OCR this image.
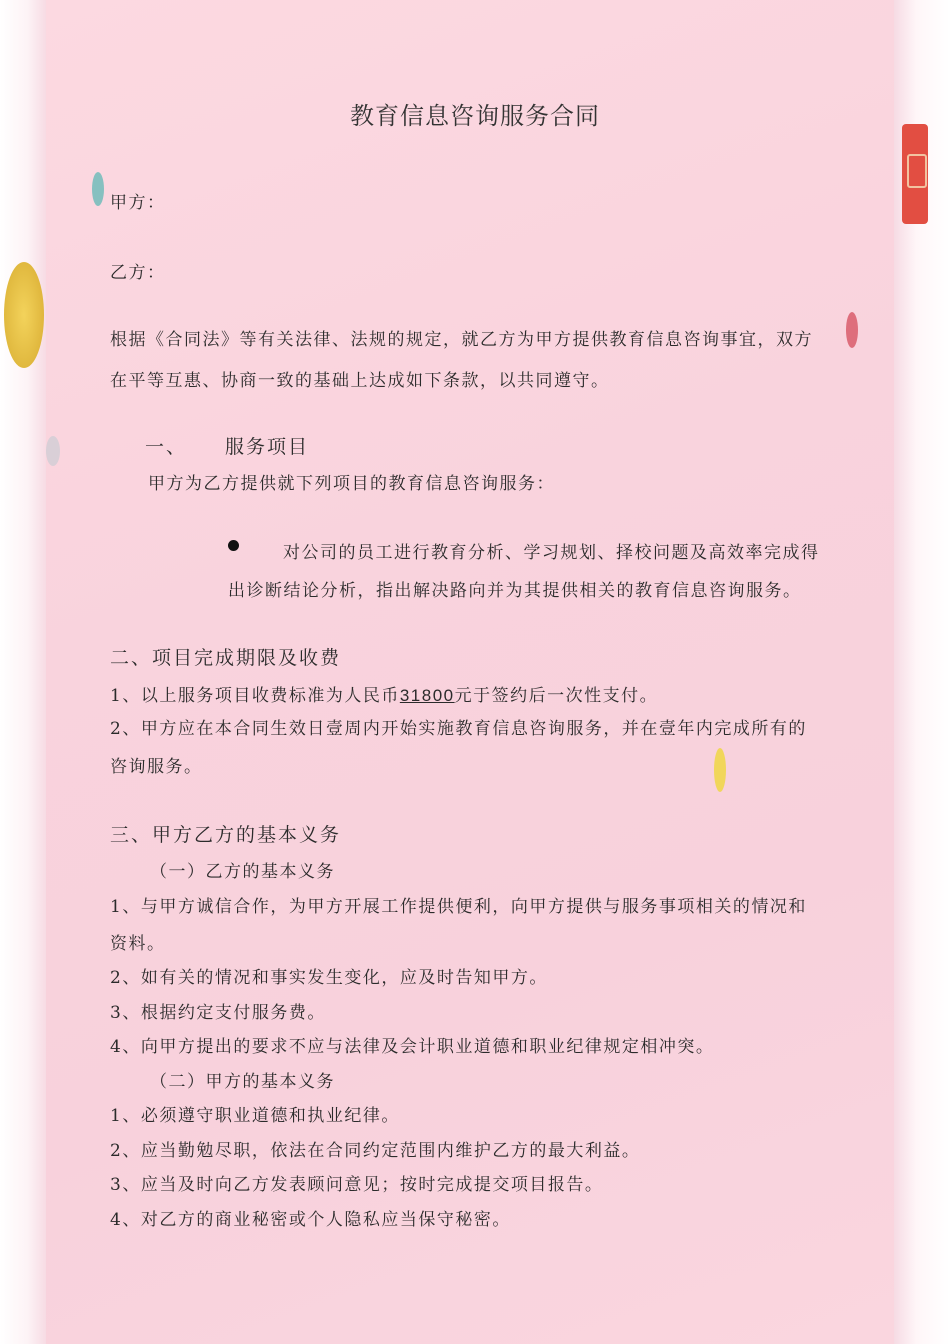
教育信息咨询服务合同
甲方：
乙方：
根据《合同法》等有关法律、法规的规定，就乙方为甲方提供教育信息咨询事宜，双方
在平等互惠、协商一致的基础上达成如下条款，以共同遵守。
一、 服务项目
甲方为乙方提供就下列项目的教育信息咨询服务：
对公司的员工进行教育分析、学习规划、择校问题及高效率完成得
出诊断结论分析，指出解决路向并为其提供相关的教育信息咨询服务。
二、项目完成期限及收费
1、以上服务项目收费标准为人民币31800元于签约后一次性支付。
2、甲方应在本合同生效日壹周内开始实施教育信息咨询服务，并在壹年内完成所有的
咨询服务。
三、甲方乙方的基本义务
（一）乙方的基本义务
1、与甲方诚信合作，为甲方开展工作提供便利，向甲方提供与服务事项相关的情况和
资料。
2、如有关的情况和事实发生变化，应及时告知甲方。
3、根据约定支付服务费。
4、向甲方提出的要求不应与法律及会计职业道德和职业纪律规定相冲突。
（二）甲方的基本义务
1、必须遵守职业道德和执业纪律。
2、应当勤勉尽职，依法在合同约定范围内维护乙方的最大利益。
3、应当及时向乙方发表顾问意见；按时完成提交项目报告。
4、对乙方的商业秘密或个人隐私应当保守秘密。
